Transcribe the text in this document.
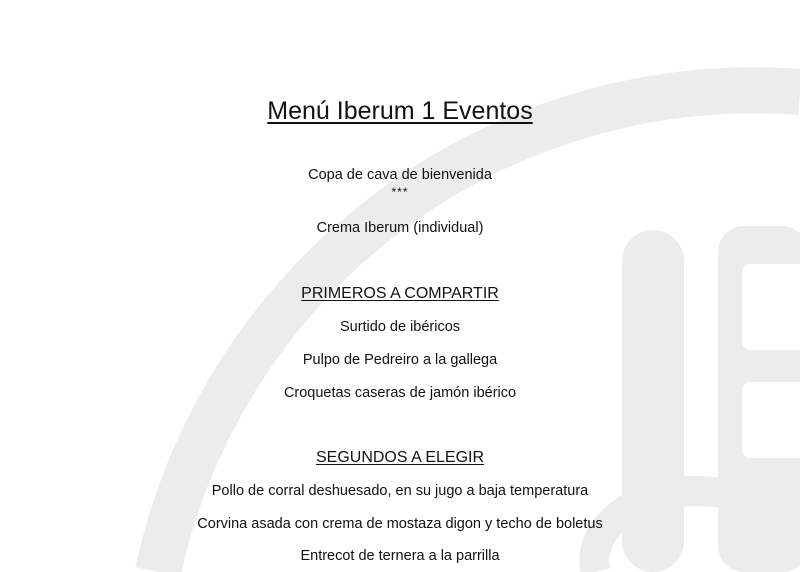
Menú Iberum 1 Eventos
Copa de cava de bienvenida
***
Crema Iberum (individual)
PRIMEROS A COMPARTIR
Surtido de ibéricos
Pulpo de Pedreiro a la gallega
Croquetas caseras de jamón ibérico
SEGUNDOS A ELEGIR
Pollo de corral deshuesado, en su jugo a baja temperatura
Corvina asada con crema de mostaza digon y techo de boletus
Entrecot de ternera a la parrilla
